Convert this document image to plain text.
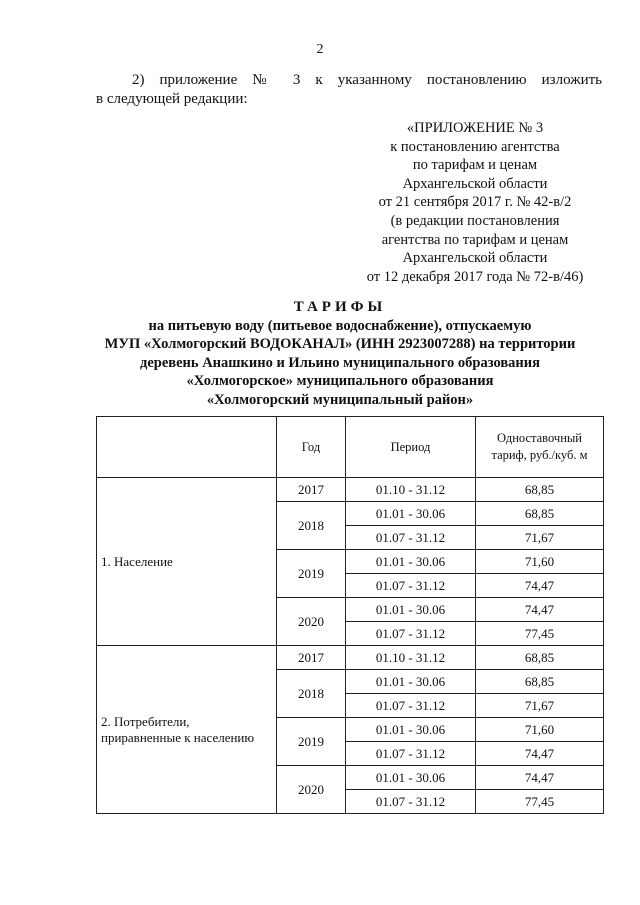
2
2) приложение № 3 к указанному постановлению изложить
в следующей редакции:
«ПРИЛОЖЕНИЕ № 3
к постановлению агентства
по тарифам и ценам
Архангельской области
от 21 сентября 2017 г. № 42-в/2
(в редакции постановления
агентства по тарифам и ценам
Архангельской области
от 12 декабря 2017 года № 72-в/46)
ТАРИФЫ
на питьевую воду (питьевое водоснабжение), отпускаемую
МУП «Холмогорский ВОДОКАНАЛ» (ИНН 2923007288) на территории
деревень Анашкино и Ильино муниципального образования
«Холмогорское» муниципального образования
«Холмогорский муниципальный район»
	Год	Период	Одноставочный тариф, руб./куб. м
1. Население	2017	01.10 - 31.12	68,85
	2018	01.01 - 30.06	68,85
		01.07 - 31.12	71,67
	2019	01.01 - 30.06	71,60
		01.07 - 31.12	74,47
	2020	01.01 - 30.06	74,47
		01.07 - 31.12	77,45
2. Потребители, приравненные к населению	2017	01.10 - 31.12	68,85
	2018	01.01 - 30.06	68,85
		01.07 - 31.12	71,67
	2019	01.01 - 30.06	71,60
		01.07 - 31.12	74,47
	2020	01.01 - 30.06	74,47
		01.07 - 31.12	77,45
